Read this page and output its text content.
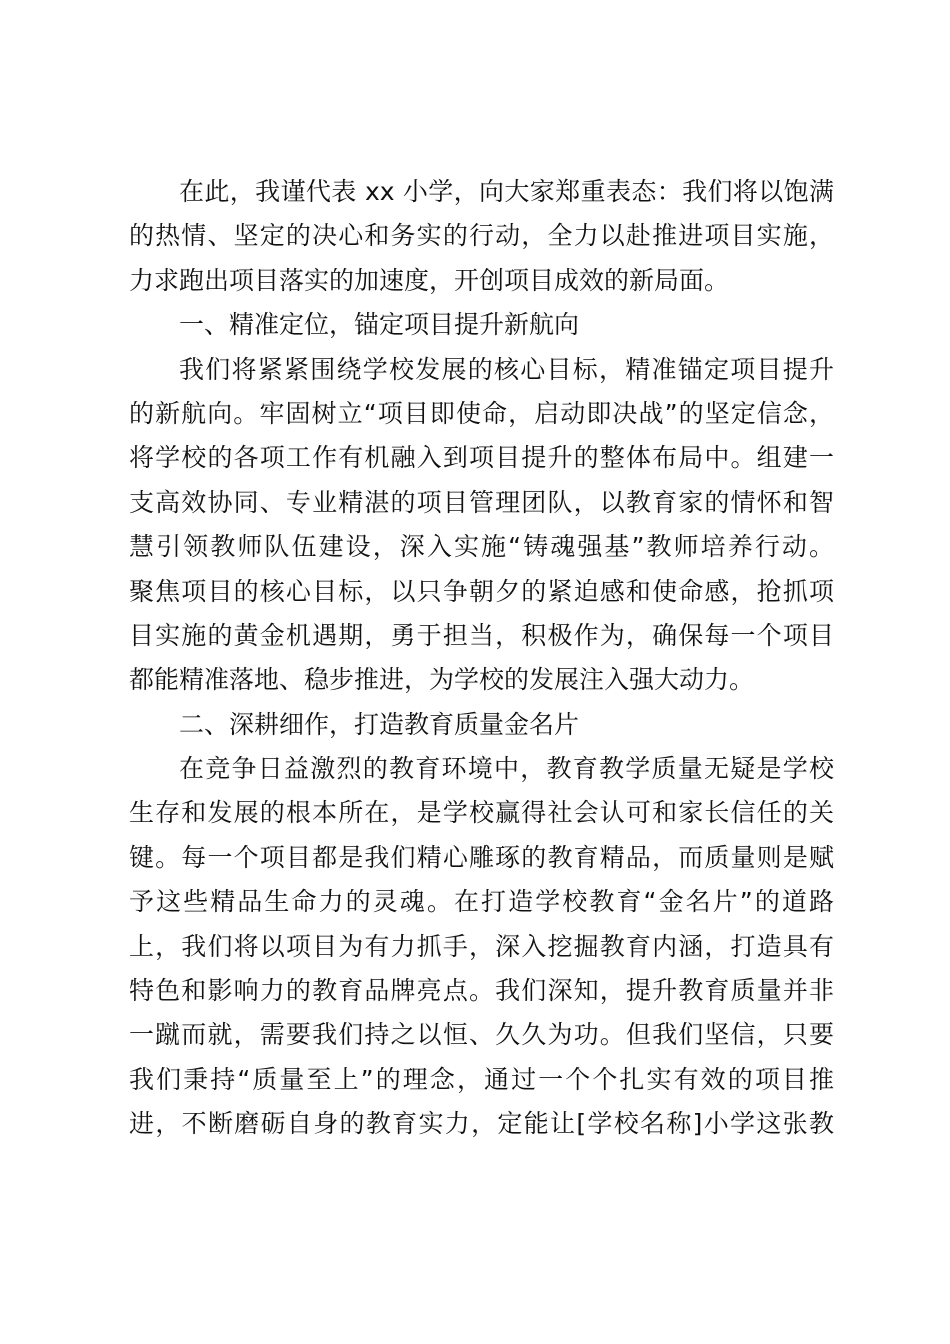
在此，我谨代表 xx 小学，向大家郑重表态：我们将以饱满
的热情、坚定的决心和务实的行动，全力以赴推进项目实施，
力求跑出项目落实的加速度，开创项目成效的新局面。
一、精准定位，锚定项目提升新航向
我们将紧紧围绕学校发展的核心目标，精准锚定项目提升
的新航向。牢固树立“项目即使命，启动即决战”的坚定信念，
将学校的各项工作有机融入到项目提升的整体布局中。组建一
支高效协同、专业精湛的项目管理团队，以教育家的情怀和智
慧引领教师队伍建设，深入实施“铸魂强基”教师培养行动。
聚焦项目的核心目标，以只争朝夕的紧迫感和使命感，抢抓项
目实施的黄金机遇期，勇于担当，积极作为，确保每一个项目
都能精准落地、稳步推进，为学校的发展注入强大动力。
二、深耕细作，打造教育质量金名片
在竞争日益激烈的教育环境中，教育教学质量无疑是学校
生存和发展的根本所在，是学校赢得社会认可和家长信任的关
键。每一个项目都是我们精心雕琢的教育精品，而质量则是赋
予这些精品生命力的灵魂。在打造学校教育“金名片”的道路
上，我们将以项目为有力抓手，深入挖掘教育内涵，打造具有
特色和影响力的教育品牌亮点。我们深知，提升教育质量并非
一蹴而就，需要我们持之以恒、久久为功。但我们坚信，只要
我们秉持“质量至上”的理念，通过一个个扎实有效的项目推
进，不断磨砺自身的教育实力，定能让[学校名称]小学这张教
